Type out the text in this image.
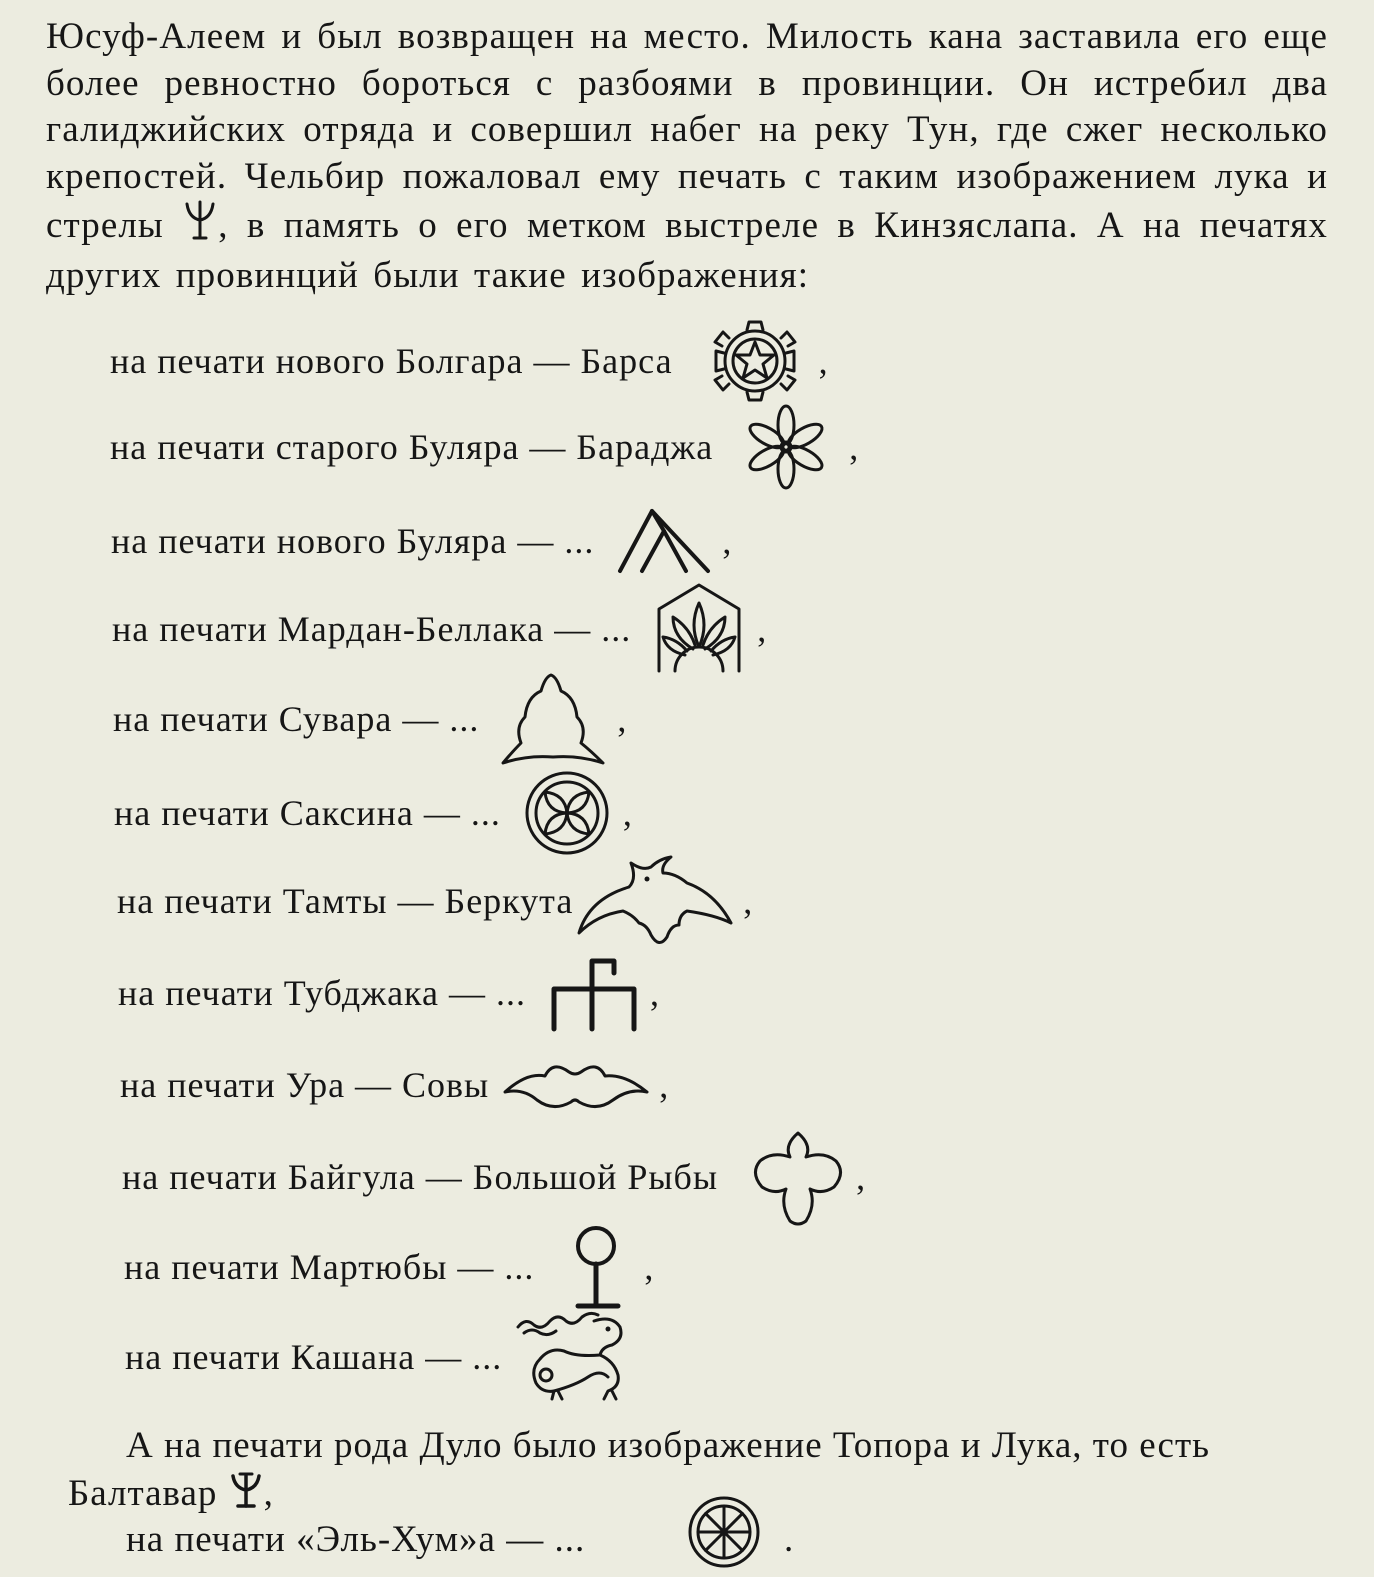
Юсуф-Алеем и был возвращен на место. Милость кана заставила его еще более ревностно бороться с разбоями в провинции. Он истребил два галиджийских отряда и совершил набег на реку Тун, где сжег несколько крепостей. Чельбир пожаловал ему печать с таким изображением лука и стрелы , в память о его метком выстреле в Кинзяслапа. А на печатях других провинций были такие изображения:
на печати нового Болгара — Барса	,
на печати старого Буляра — Бараджа	,
на печати нового Буляра — ...	,
на печати Мардан-Беллака — ...	,
на печати Сувара — ...	,
на печати Саксина — ...	,
на печати Тамты — Беркута	,
на печати Тубджака — ...	,
на печати Ура — Совы	,
на печати Байгула — Большой Рыбы	,
на печати Мартюбы — ...	,
на печати Кашана — ...
А на печати рода Дуло было изображение Топора и Лука, то есть
Балтавар ,
на печати «Эль-Хум»а — ...	.
